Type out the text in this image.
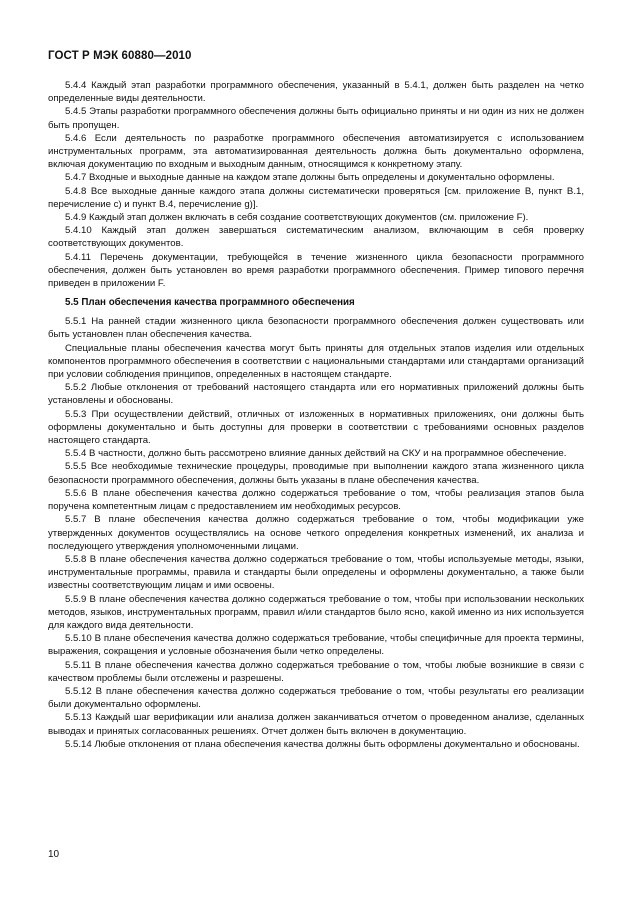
ГОСТ Р МЭК 60880—2010

5.4.4 Каждый этап разработки программного обеспечения, указанный в 5.4.1, должен быть разделен на четко определенные виды деятельности.

5.4.5 Этапы разработки программного обеспечения должны быть официально приняты и ни один из них не должен быть пропущен.

5.4.6 Если деятельность по разработке программного обеспечения автоматизируется с использованием инструментальных программ, эта автоматизированная деятельность должна быть документально оформлена, включая документацию по входным и выходным данным, относящимся к конкретному этапу.

5.4.7 Входные и выходные данные на каждом этапе должны быть определены и документально оформлены.

5.4.8 Все выходные данные каждого этапа должны систематически проверяться [см. приложение В, пункт В.1, перечисление с) и пункт В.4, перечисление g)].

5.4.9 Каждый этап должен включать в себя создание соответствующих документов (см. приложение F).

5.4.10 Каждый этап должен завершаться систематическим анализом, включающим в себя проверку соответствующих документов.

5.4.11 Перечень документации, требующейся в течение жизненного цикла безопасности программного обеспечения, должен быть установлен во время разработки программного обеспечения. Пример типового перечня приведен в приложении F.

5.5 План обеспечения качества программного обеспечения

5.5.1 На ранней стадии жизненного цикла безопасности программного обеспечения должен существовать или быть установлен план обеспечения качества.

Специальные планы обеспечения качества могут быть приняты для отдельных этапов изделия или отдельных компонентов программного обеспечения в соответствии с национальными стандартами или стандартами организаций при условии соблюдения принципов, определенных в настоящем стандарте.

5.5.2 Любые отклонения от требований настоящего стандарта или его нормативных приложений должны быть установлены и обоснованы.

5.5.3 При осуществлении действий, отличных от изложенных в нормативных приложениях, они должны быть оформлены документально и быть доступны для проверки в соответствии с требованиями основных разделов настоящего стандарта.

5.5.4 В частности, должно быть рассмотрено влияние данных действий на СКУ и на программное обеспечение.

5.5.5 Все необходимые технические процедуры, проводимые при выполнении каждого этапа жизненного цикла безопасности программного обеспечения, должны быть указаны в плане обеспечения качества.

5.5.6 В плане обеспечения качества должно содержаться требование о том, чтобы реализация этапов была поручена компетентным лицам с предоставлением им необходимых ресурсов.

5.5.7 В плане обеспечения качества должно содержаться требование о том, чтобы модификации уже утвержденных документов осуществлялись на основе четкого определения конкретных изменений, их анализа и последующего утверждения уполномоченными лицами.

5.5.8 В плане обеспечения качества должно содержаться требование о том, чтобы используемые методы, языки, инструментальные программы, правила и стандарты были определены и оформлены документально, а также были известны соответствующим лицам и ими освоены.

5.5.9 В плане обеспечения качества должно содержаться требование о том, чтобы при использовании нескольких методов, языков, инструментальных программ, правил и/или стандартов было ясно, какой именно из них используется для каждого вида деятельности.

5.5.10 В плане обеспечения качества должно содержаться требование, чтобы специфичные для проекта термины, выражения, сокращения и условные обозначения были четко определены.

5.5.11 В плане обеспечения качества должно содержаться требование о том, чтобы любые возникшие в связи с качеством проблемы были отслежены и разрешены.

5.5.12 В плане обеспечения качества должно содержаться требование о том, чтобы результаты его реализации были документально оформлены.

5.5.13 Каждый шаг верификации или анализа должен заканчиваться отчетом о проведенном анализе, сделанных выводах и принятых согласованных решениях. Отчет должен быть включен в документацию.

5.5.14 Любые отклонения от плана обеспечения качества должны быть оформлены документально и обоснованы.

10
